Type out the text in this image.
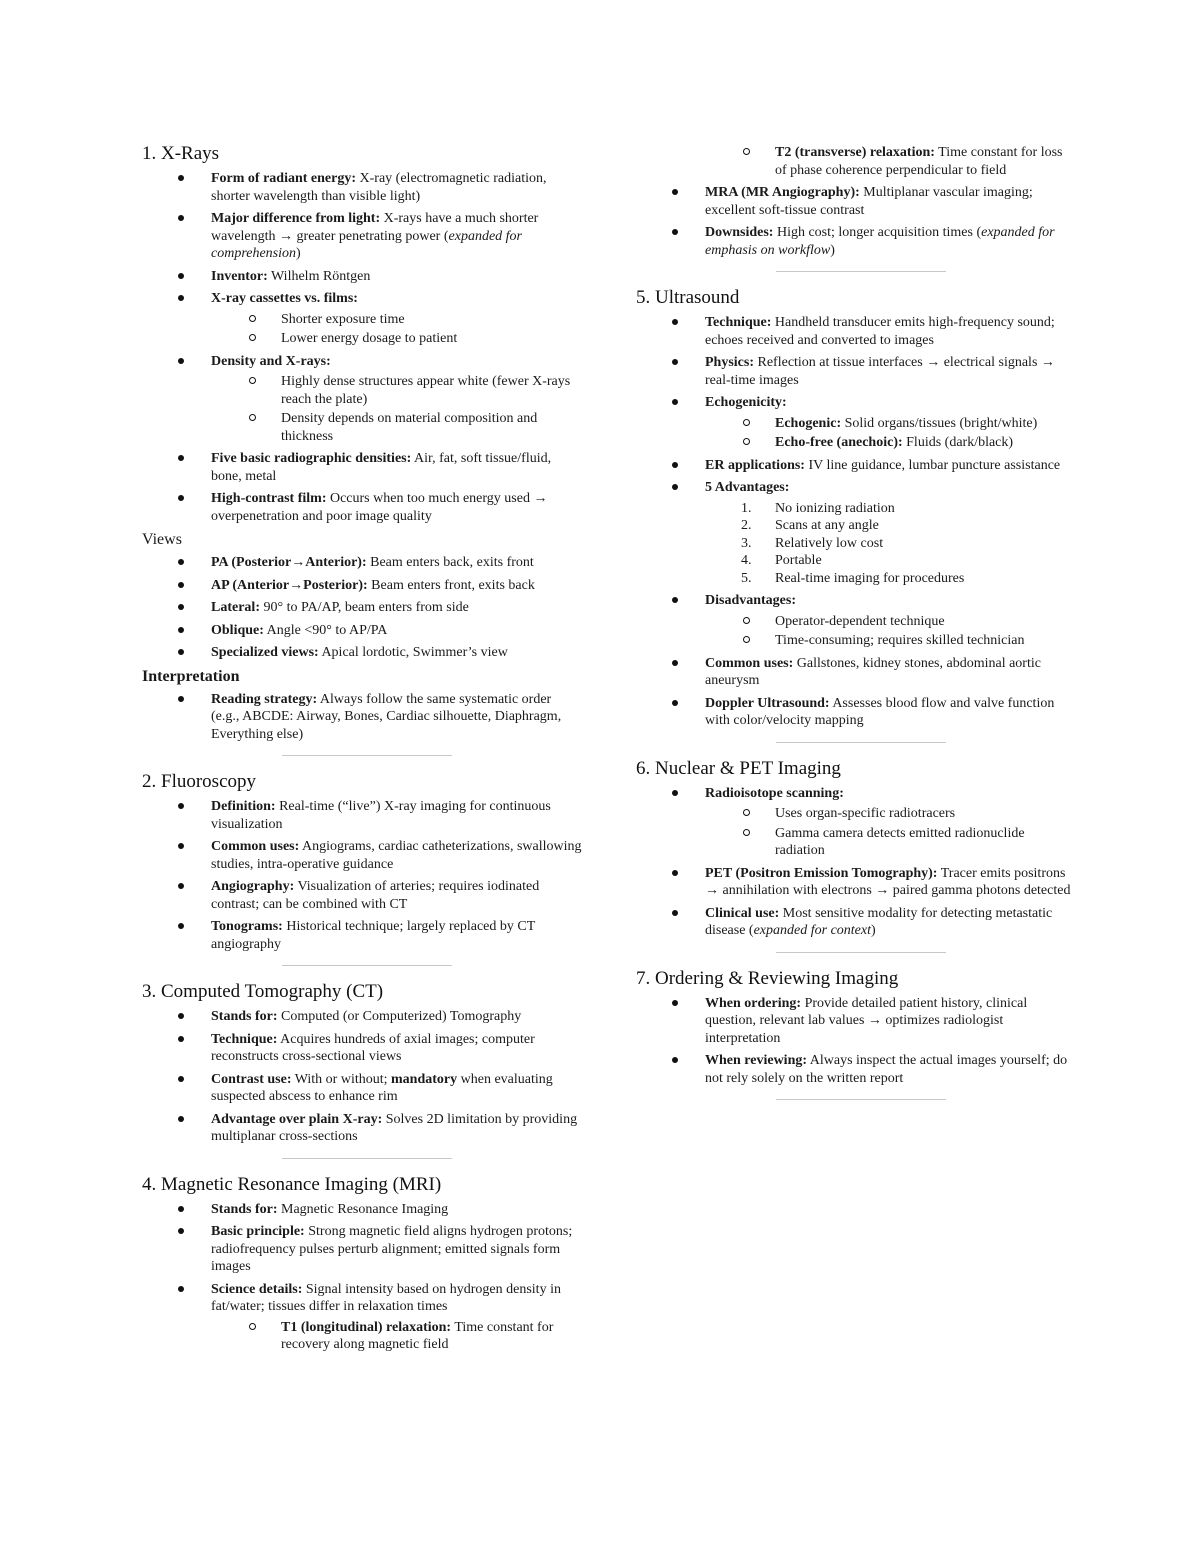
1. X-Rays
Form of radiant energy: X-ray (electromagnetic radiation, shorter wavelength than visible light)
Major difference from light: X-rays have a much shorter wavelength → greater penetrating power (expanded for comprehension)
Inventor: Wilhelm Röntgen
X-ray cassettes vs. films:
Shorter exposure time
Lower energy dosage to patient
Density and X-rays:
Highly dense structures appear white (fewer X-rays reach the plate)
Density depends on material composition and thickness
Five basic radiographic densities: Air, fat, soft tissue/fluid, bone, metal
High-contrast film: Occurs when too much energy used → overpenetration and poor image quality
Views
PA (Posterior→Anterior): Beam enters back, exits front
AP (Anterior→Posterior): Beam enters front, exits back
Lateral: 90° to PA/AP, beam enters from side
Oblique: Angle <90° to AP/PA
Specialized views: Apical lordotic, Swimmer’s view
Interpretation
Reading strategy: Always follow the same systematic order (e.g., ABCDE: Airway, Bones, Cardiac silhouette, Diaphragm, Everything else)
2. Fluoroscopy
Definition: Real-time (“live”) X-ray imaging for continuous visualization
Common uses: Angiograms, cardiac catheterizations, swallowing studies, intra-operative guidance
Angiography: Visualization of arteries; requires iodinated contrast; can be combined with CT
Tonograms: Historical technique; largely replaced by CT angiography
3. Computed Tomography (CT)
Stands for: Computed (or Computerized) Tomography
Technique: Acquires hundreds of axial images; computer reconstructs cross-sectional views
Contrast use: With or without; mandatory when evaluating suspected abscess to enhance rim
Advantage over plain X-ray: Solves 2D limitation by providing multiplanar cross-sections
4. Magnetic Resonance Imaging (MRI)
Stands for: Magnetic Resonance Imaging
Basic principle: Strong magnetic field aligns hydrogen protons; radiofrequency pulses perturb alignment; emitted signals form images
Science details: Signal intensity based on hydrogen density in fat/water; tissues differ in relaxation times
T1 (longitudinal) relaxation: Time constant for recovery along magnetic field
T2 (transverse) relaxation: Time constant for loss of phase coherence perpendicular to field
MRA (MR Angiography): Multiplanar vascular imaging; excellent soft-tissue contrast
Downsides: High cost; longer acquisition times (expanded for emphasis on workflow)
5. Ultrasound
Technique: Handheld transducer emits high-frequency sound; echoes received and converted to images
Physics: Reflection at tissue interfaces → electrical signals → real-time images
Echogenicity:
Echogenic: Solid organs/tissues (bright/white)
Echo-free (anechoic): Fluids (dark/black)
ER applications: IV line guidance, lumbar puncture assistance
5 Advantages:
1. No ionizing radiation
2. Scans at any angle
3. Relatively low cost
4. Portable
5. Real-time imaging for procedures
Disadvantages:
Operator-dependent technique
Time-consuming; requires skilled technician
Common uses: Gallstones, kidney stones, abdominal aortic aneurysm
Doppler Ultrasound: Assesses blood flow and valve function with color/velocity mapping
6. Nuclear & PET Imaging
Radioisotope scanning:
Uses organ-specific radiotracers
Gamma camera detects emitted radionuclide radiation
PET (Positron Emission Tomography): Tracer emits positrons → annihilation with electrons → paired gamma photons detected
Clinical use: Most sensitive modality for detecting metastatic disease (expanded for context)
7. Ordering & Reviewing Imaging
When ordering: Provide detailed patient history, clinical question, relevant lab values → optimizes radiologist interpretation
When reviewing: Always inspect the actual images yourself; do not rely solely on the written report
